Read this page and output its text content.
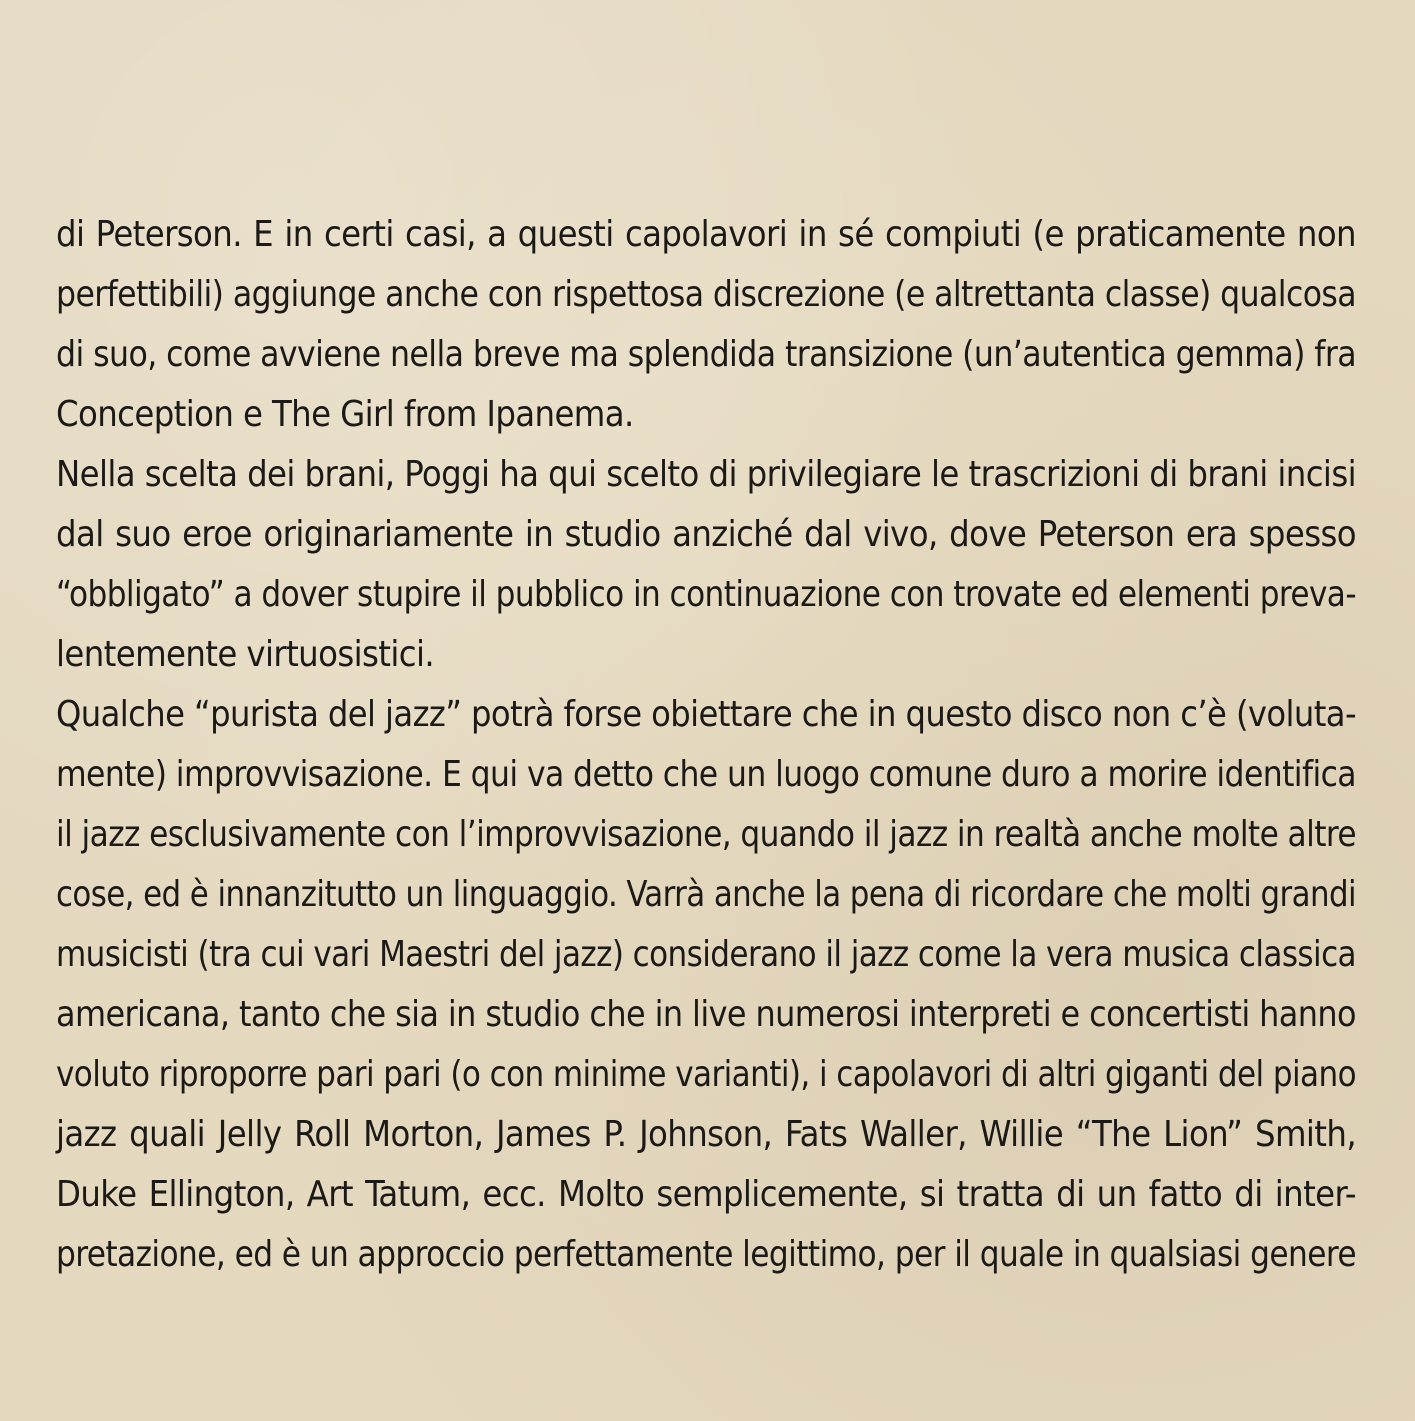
di Peterson. E in certi casi, a questi capolavori in sé compiuti (e praticamente non
perfettibili) aggiunge anche con rispettosa discrezione (e altrettanta classe) qualcosa
di suo, come avviene nella breve ma splendida transizione (un’autentica gemma) fra
Conception e The Girl from Ipanema.
Nella scelta dei brani, Poggi ha qui scelto di privilegiare le trascrizioni di brani incisi
dal suo eroe originariamente in studio anziché dal vivo, dove Peterson era spesso
“obbligato” a dover stupire il pubblico in continuazione con trovate ed elementi preva-
lentemente virtuosistici.
Qualche “purista del jazz” potrà forse obiettare che in questo disco non c’è (voluta-
mente) improvvisazione. E qui va detto che un luogo comune duro a morire identifica
il jazz esclusivamente con l’improvvisazione, quando il jazz in realtà anche molte altre
cose, ed è innanzitutto un linguaggio. Varrà anche la pena di ricordare che molti grandi
musicisti (tra cui vari Maestri del jazz) considerano il jazz come la vera musica classica
americana, tanto che sia in studio che in live numerosi interpreti e concertisti hanno
voluto riproporre pari pari (o con minime varianti), i capolavori di altri giganti del piano
jazz quali Jelly Roll Morton, James P. Johnson, Fats Waller, Willie “The Lion” Smith,
Duke Ellington, Art Tatum, ecc. Molto semplicemente, si tratta di un fatto di inter-
pretazione, ed è un approccio perfettamente legittimo, per il quale in qualsiasi genere
